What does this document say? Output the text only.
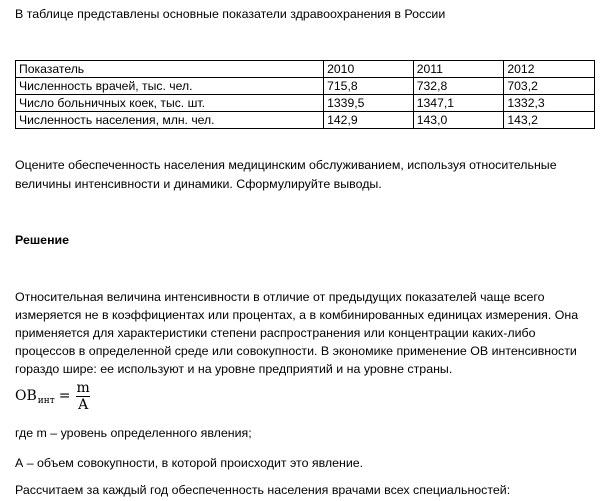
В таблице представлены основные показатели здравоохранения в России

Показатель	2010	2011	2012
Численность врачей, тыс. чел.	715,8	732,8	703,2
Число больничных коек, тыс. шт.	1339,5	1347,1	1332,3
Численность населения, млн. чел.	142,9	143,0	143,2

Оцените обеспеченность населения медицинским обслуживанием, используя относительные

величины интенсивности и динамики. Сформулируйте выводы.

Решение

Относительная величина интенсивности в отличие от предыдущих показателей чаще всего

измеряется не в коэффициентах или процентах, а в комбинированных единицах измерения. Она

применяется для характеристики степени распространения или концентрации каких-либо

процессов в определенной среде или совокупности. В экономике применение ОВ интенсивности

гораздо шире: ее используют и на уровне предприятий и на уровне страны.

ОВ инт = $\frac{m}{А}$

где m – уровень определенного явления;

А – объем совокупности, в которой происходит это явление.

Рассчитаем за каждый год обеспеченность населения врачами всех специальностей:
